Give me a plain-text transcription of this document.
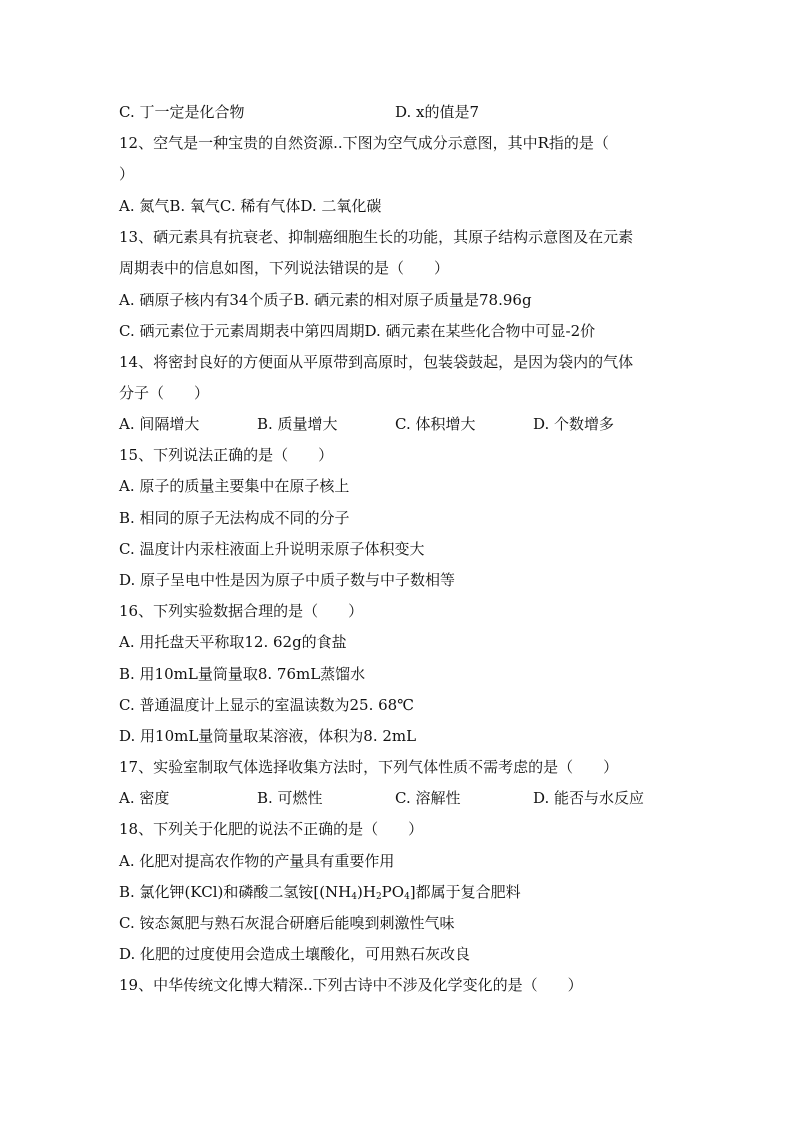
C. 丁一定是化合物	D. x的值是7
12、空气是一种宝贵的自然资源..下图为空气成分示意图，其中R指的是（
）
A. 氮气B. 氧气C. 稀有气体D. 二氧化碳
13、硒元素具有抗衰老、抑制癌细胞生长的功能，其原子结构示意图及在元素
周期表中的信息如图，下列说法错误的是（　　）
A. 硒原子核内有34个质子B. 硒元素的相对原子质量是78.96g
C. 硒元素位于元素周期表中第四周期D. 硒元素在某些化合物中可显-2价
14、将密封良好的方便面从平原带到高原时，包装袋鼓起，是因为袋内的气体
分子（　　）
A. 间隔增大	B. 质量增大	C. 体积增大	D. 个数增多
15、下列说法正确的是（　　）
A. 原子的质量主要集中在原子核上
B. 相同的原子无法构成不同的分子
C. 温度计内汞柱液面上升说明汞原子体积变大
D. 原子呈电中性是因为原子中质子数与中子数相等
16、下列实验数据合理的是（　　）
A. 用托盘天平称取12. 62g的食盐
B. 用10mL量筒量取8. 76mL蒸馏水
C. 普通温度计上显示的室温读数为25. 68℃
D. 用10mL量筒量取某溶液，体积为8. 2mL
17、实验室制取气体选择收集方法时，下列气体性质不需考虑的是（　　）
A. 密度	B. 可燃性	C. 溶解性	D. 能否与水反应
18、下列关于化肥的说法不正确的是（　　）
A. 化肥对提高农作物的产量具有重要作用
B. 氯化钾(KCl)和磷酸二氢铵$[(NH_4)H_2PO_4]$都属于复合肥料
C. 铵态氮肥与熟石灰混合研磨后能嗅到刺激性气味
D. 化肥的过度使用会造成土壤酸化，可用熟石灰改良
19、中华传统文化博大精深..下列古诗中不涉及化学变化的是（　　）
